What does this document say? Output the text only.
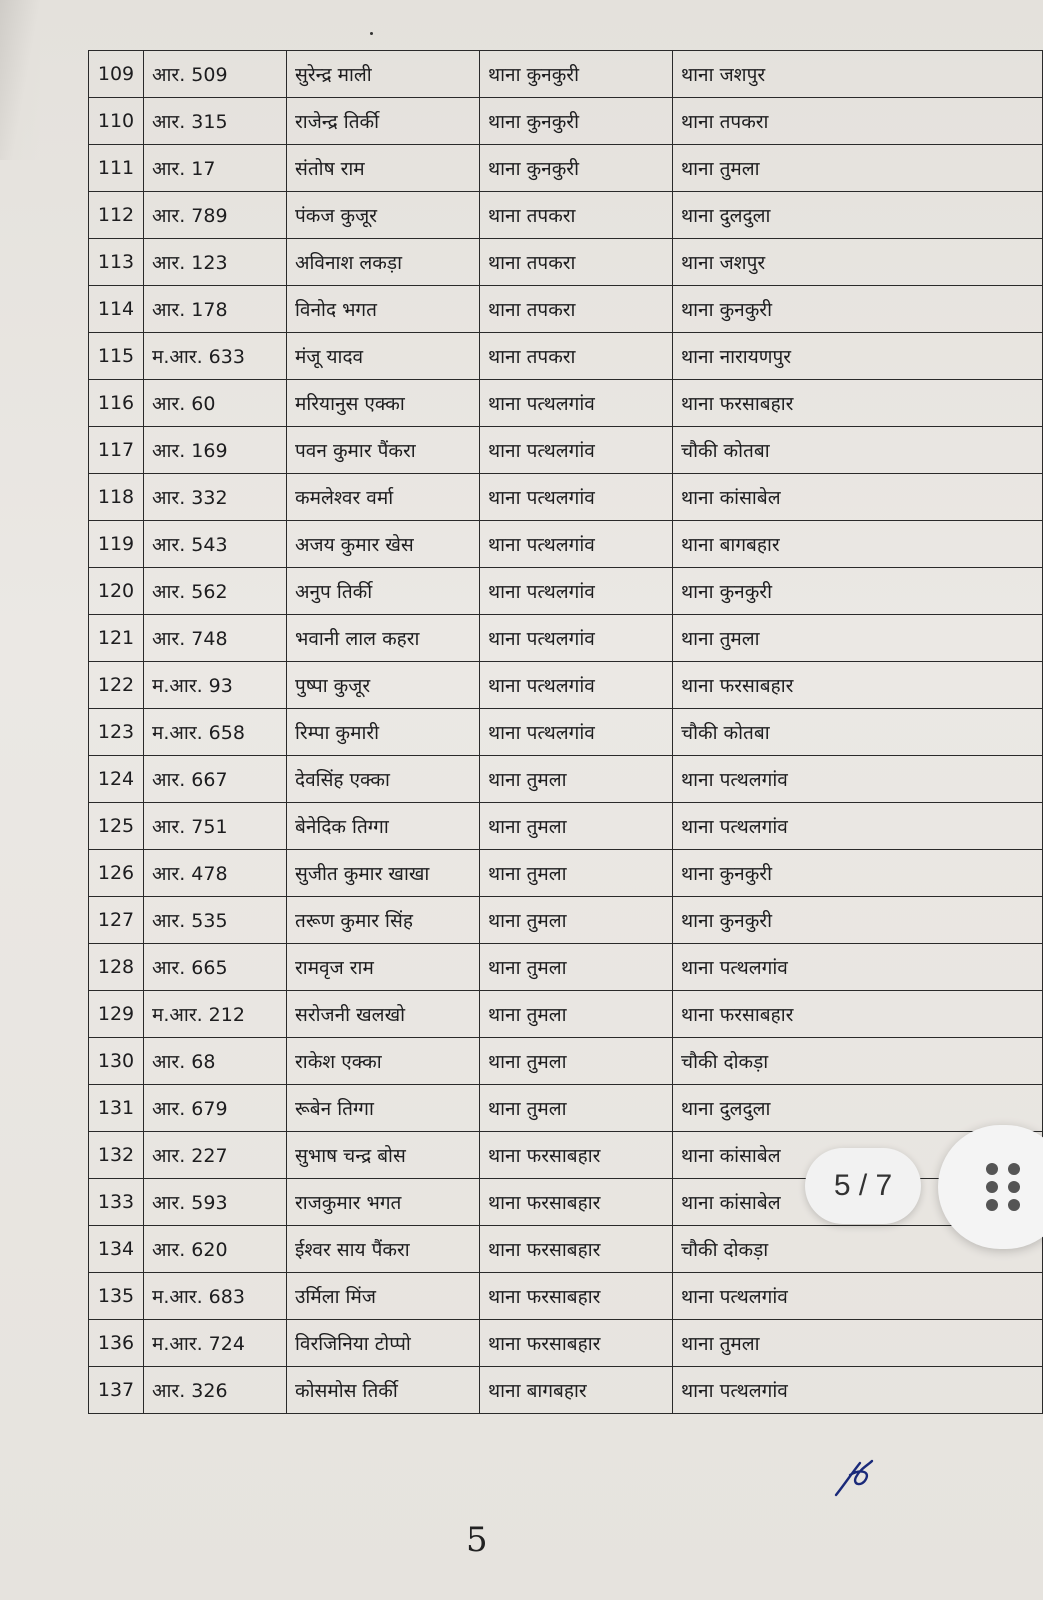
109	आर. 509	सुरेन्द्र माली	थाना कुनकुरी	थाना जशपुर
110	आर. 315	राजेन्द्र तिर्की	थाना कुनकुरी	थाना तपकरा
111	आर. 17	संतोष राम	थाना कुनकुरी	थाना तुमला
112	आर. 789	पंकज कुजूर	थाना तपकरा	थाना दुलदुला
113	आर. 123	अविनाश लकड़ा	थाना तपकरा	थाना जशपुर
114	आर. 178	विनोद भगत	थाना तपकरा	थाना कुनकुरी
115	म.आर. 633	मंजू यादव	थाना तपकरा	थाना नारायणपुर
116	आर. 60	मरियानुस एक्का	थाना पत्थलगांव	थाना फरसाबहार
117	आर. 169	पवन कुमार पैंकरा	थाना पत्थलगांव	चौकी कोतबा
118	आर. 332	कमलेश्वर वर्मा	थाना पत्थलगांव	थाना कांसाबेल
119	आर. 543	अजय कुमार खेस	थाना पत्थलगांव	थाना बागबहार
120	आर. 562	अनुप तिर्की	थाना पत्थलगांव	थाना कुनकुरी
121	आर. 748	भवानी लाल कहरा	थाना पत्थलगांव	थाना तुमला
122	म.आर. 93	पुष्पा कुजूर	थाना पत्थलगांव	थाना फरसाबहार
123	म.आर. 658	रिम्पा कुमारी	थाना पत्थलगांव	चौकी कोतबा
124	आर. 667	देवसिंह एक्का	थाना तुमला	थाना पत्थलगांव
125	आर. 751	बेनेदिक तिग्गा	थाना तुमला	थाना पत्थलगांव
126	आर. 478	सुजीत कुमार खाखा	थाना तुमला	थाना कुनकुरी
127	आर. 535	तरूण कुमार सिंह	थाना तुमला	थाना कुनकुरी
128	आर. 665	रामवृज राम	थाना तुमला	थाना पत्थलगांव
129	म.आर. 212	सरोजनी खलखो	थाना तुमला	थाना फरसाबहार
130	आर. 68	राकेश एक्का	थाना तुमला	चौकी दोकड़ा
131	आर. 679	रूबेन तिग्गा	थाना तुमला	थाना दुलदुला
132	आर. 227	सुभाष चन्द्र बोस	थाना फरसाबहार	थाना कांसाबेल
133	आर. 593	राजकुमार भगत	थाना फरसाबहार	थाना कांसाबेल
134	आर. 620	ईश्वर साय पैंकरा	थाना फरसाबहार	चौकी दोकड़ा
135	म.आर. 683	उर्मिला मिंज	थाना फरसाबहार	थाना पत्थलगांव
136	म.आर. 724	विरजिनिया टोप्पो	थाना फरसाबहार	थाना तुमला
137	आर. 326	कोसमोस तिर्की	थाना बागबहार	थाना पत्थलगांव
5
5 / 7
